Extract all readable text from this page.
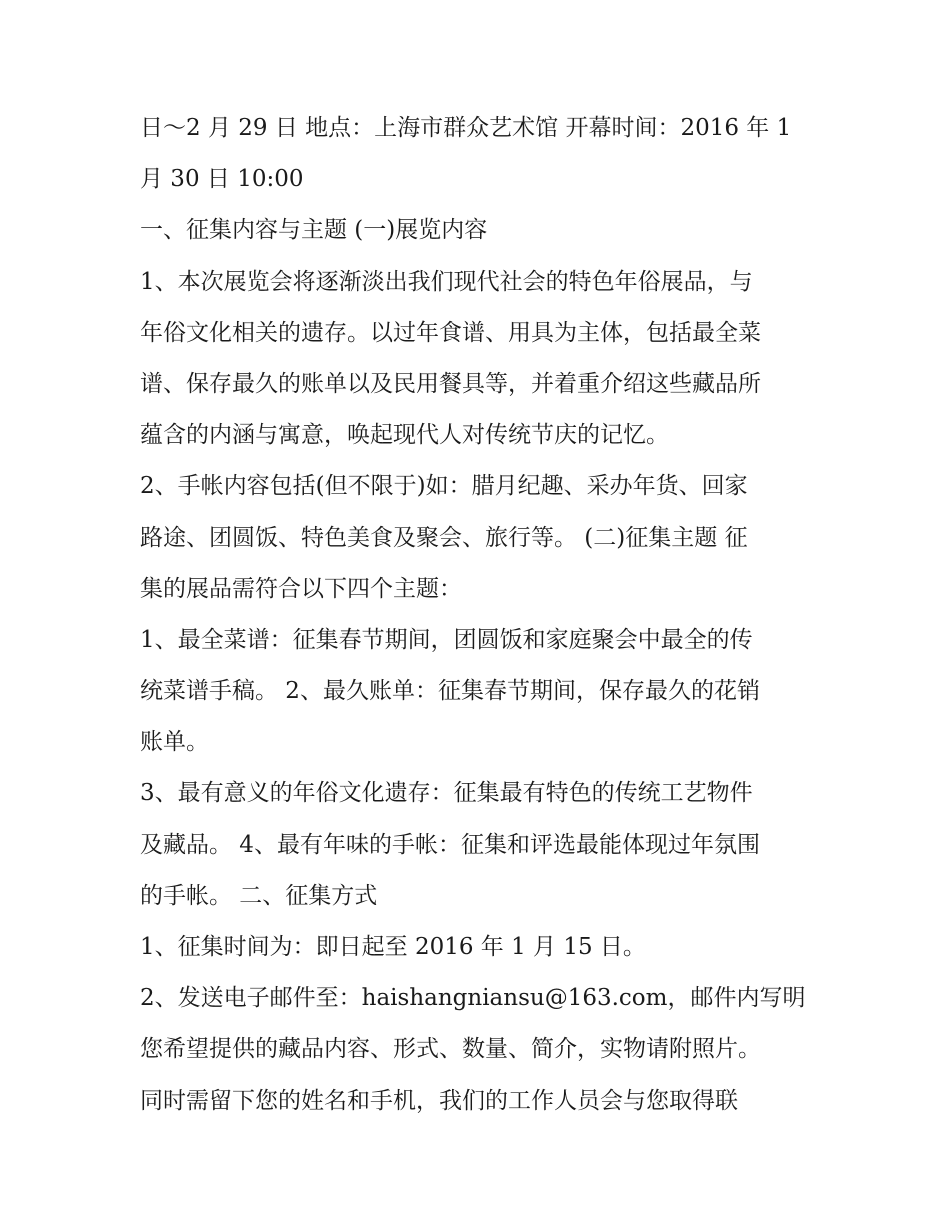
日～2 月 29 日 地点：上海市群众艺术馆 开幕时间：2016 年 1
月 30 日 10:00
一、征集内容与主题 (一)展览内容
1、本次展览会将逐渐淡出我们现代社会的特色年俗展品，与
年俗文化相关的遗存。以过年食谱、用具为主体，包括最全菜
谱、保存最久的账单以及民用餐具等，并着重介绍这些藏品所
蕴含的内涵与寓意，唤起现代人对传统节庆的记忆。
2、手帐内容包括(但不限于)如：腊月纪趣、采办年货、回家
路途、团圆饭、特色美食及聚会、旅行等。 (二)征集主题 征
集的展品需符合以下四个主题：
1、最全菜谱：征集春节期间，团圆饭和家庭聚会中最全的传
统菜谱手稿。 2、最久账单：征集春节期间，保存最久的花销
账单。
3、最有意义的年俗文化遗存：征集最有特色的传统工艺物件
及藏品。 4、最有年味的手帐：征集和评选最能体现过年氛围
的手帐。 二、征集方式
1、征集时间为：即日起至 2016 年 1 月 15 日。
2、发送电子邮件至：haishangniansu@163.com，邮件内写明
您希望提供的藏品内容、形式、数量、简介，实物请附照片。
同时需留下您的姓名和手机，我们的工作人员会与您取得联
